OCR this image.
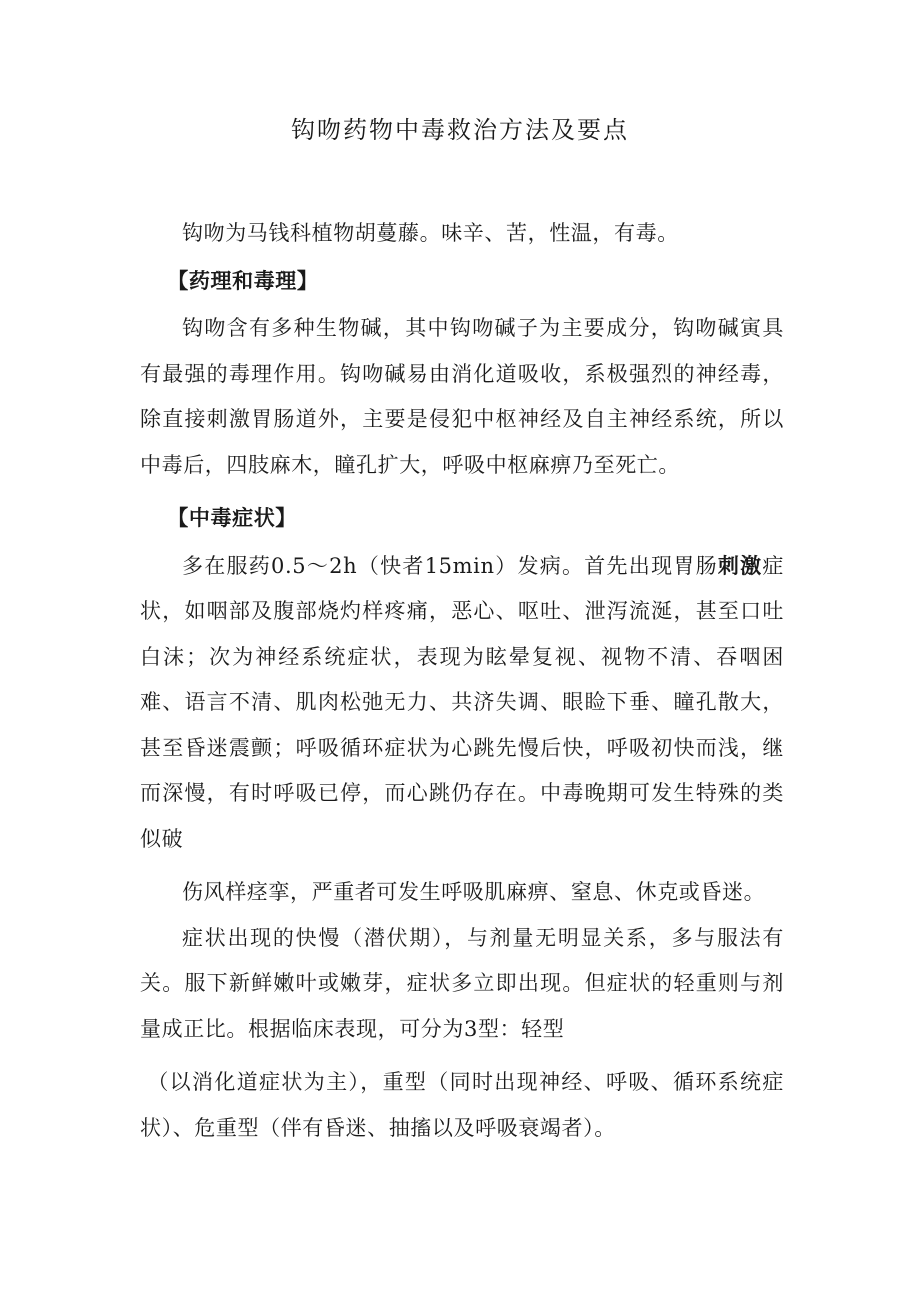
钩吻药物中毒救治方法及要点

钩吻为马钱科植物胡蔓藤。味辛、苦，性温，有毒。

【药理和毒理】

钩吻含有多种生物碱，其中钩吻碱子为主要成分，钩吻碱寅具有最强的毒理作用。钩吻碱易由消化道吸收，系极强烈的神经毒，除直接刺激胃肠道外，主要是侵犯中枢神经及自主神经系统，所以中毒后，四肢麻木，瞳孔扩大，呼吸中枢麻痹乃至死亡。

【中毒症状】

多在服药0.5～2h（快者15min）发病。首先出现胃肠刺激症状，如咽部及腹部烧灼样疼痛，恶心、呕吐、泄泻流涎，甚至口吐白沫；次为神经系统症状，表现为眩晕复视、视物不清、吞咽困难、语言不清、肌肉松弛无力、共济失调、眼睑下垂、瞳孔散大，甚至昏迷震颤；呼吸循环症状为心跳先慢后快，呼吸初快而浅，继而深慢，有时呼吸已停，而心跳仍存在。中毒晚期可发生特殊的类似破

伤风样痉挛，严重者可发生呼吸肌麻痹、窒息、休克或昏迷。

症状出现的快慢（潜伏期），与剂量无明显关系，多与服法有关。服下新鲜嫩叶或嫩芽，症状多立即出现。但症状的轻重则与剂量成正比。根据临床表现，可分为3型：轻型

（以消化道症状为主），重型（同时出现神经、呼吸、循环系统症状）、危重型（伴有昏迷、抽搐以及呼吸衰竭者）。
